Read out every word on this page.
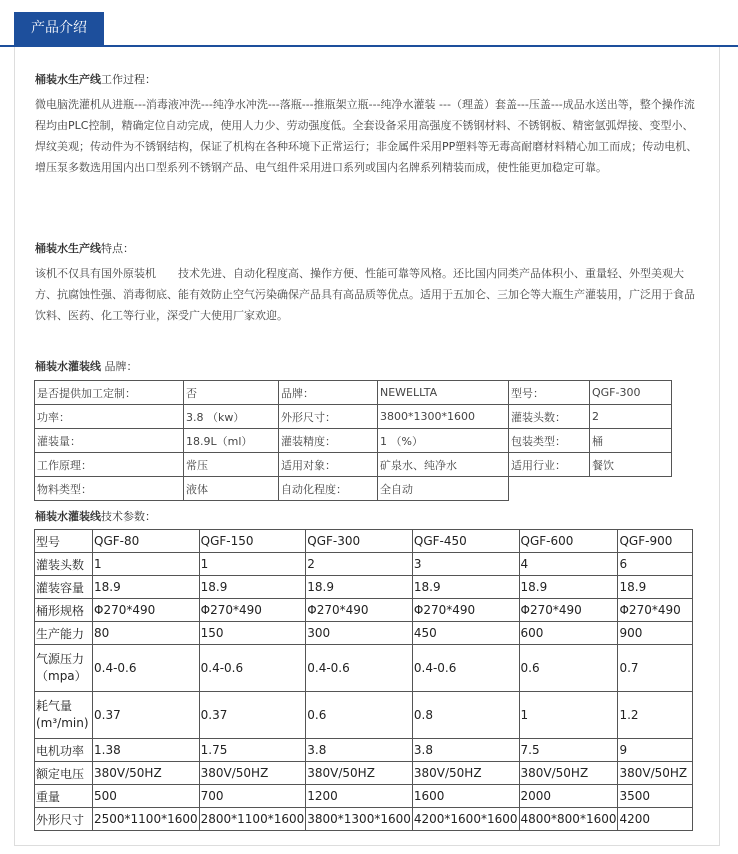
产品介绍
桶装水生产线工作过程：
微电脑洗灌机从进瓶---消毒液冲洗---纯净水冲洗---落瓶---推瓶架立瓶---纯净水灌装 ---（理盖）套盖---压盖---成品水送出等，整个操作流程均由PLC控制，精确定位自动完成，使用人力少、劳动强度低。全套设备采用高强度不锈钢材料、不锈钢板、精密氩弧焊接、变型小、焊纹美观；传动件为不锈钢结构，保证了机构在各种环境下正常运行；非金属件采用PP塑料等无毒高耐磨材料精心加工而成；传动电机、增压泵多数选用国内出口型系列不锈钢产品、电气组件采用进口系列或国内名牌系列精装而成，使性能更加稳定可靠。
桶装水生产线特点：
该机不仅具有国外原装机　　技术先进、自动化程度高、操作方便、性能可靠等风格。还比国内同类产品体积小、重量轻、外型美观大方、抗腐蚀性强、消毒彻底、能有效防止空气污染确保产品具有高品质等优点。适用于五加仑、三加仑等大瓶生产灌装用，广泛用于食品饮料、医药、化工等行业，深受广大使用厂家欢迎。
桶装水灌装线 品牌：
是否提供加工定制：	否	品牌：	NEWELLTA	型号：	QGF-300
功率：	3.8 （kw）	外形尺寸：	3800*1300*1600	灌装头数：	2
灌装量：	18.9L（ml）	灌装精度：	1 （%）	包装类型：	桶
工作原理：	常压	适用对象：	矿泉水、纯净水	适用行业：	餐饮
物料类型：	液体	自动化程度：	全自动		
桶装水灌装线技术参数：
型号	QGF-80	QGF-150	QGF-300	QGF-450	QGF-600	QGF-900
灌装头数	1	1	2	3	4	6
灌装容量	18.9	18.9	18.9	18.9	18.9	18.9
桶形规格	Φ270*490	Φ270*490	Φ270*490	Φ270*490	Φ270*490	Φ270*490
生产能力	80	150	300	450	600	900
气源压力（mpa）	0.4-0.6	0.4-0.6	0.4-0.6	0.4-0.6	0.6	0.7
耗气量(m³/min)	0.37	0.37	0.6	0.8	1	1.2
电机功率	1.38	1.75	3.8	3.8	7.5	9
额定电压	380V/50HZ	380V/50HZ	380V/50HZ	380V/50HZ	380V/50HZ	380V/50HZ
重量	500	700	1200	1600	2000	3500
外形尺寸	2500*1100*1600	2800*1100*1600	3800*1300*1600	4200*1600*1600	4800*800*1600	4200
